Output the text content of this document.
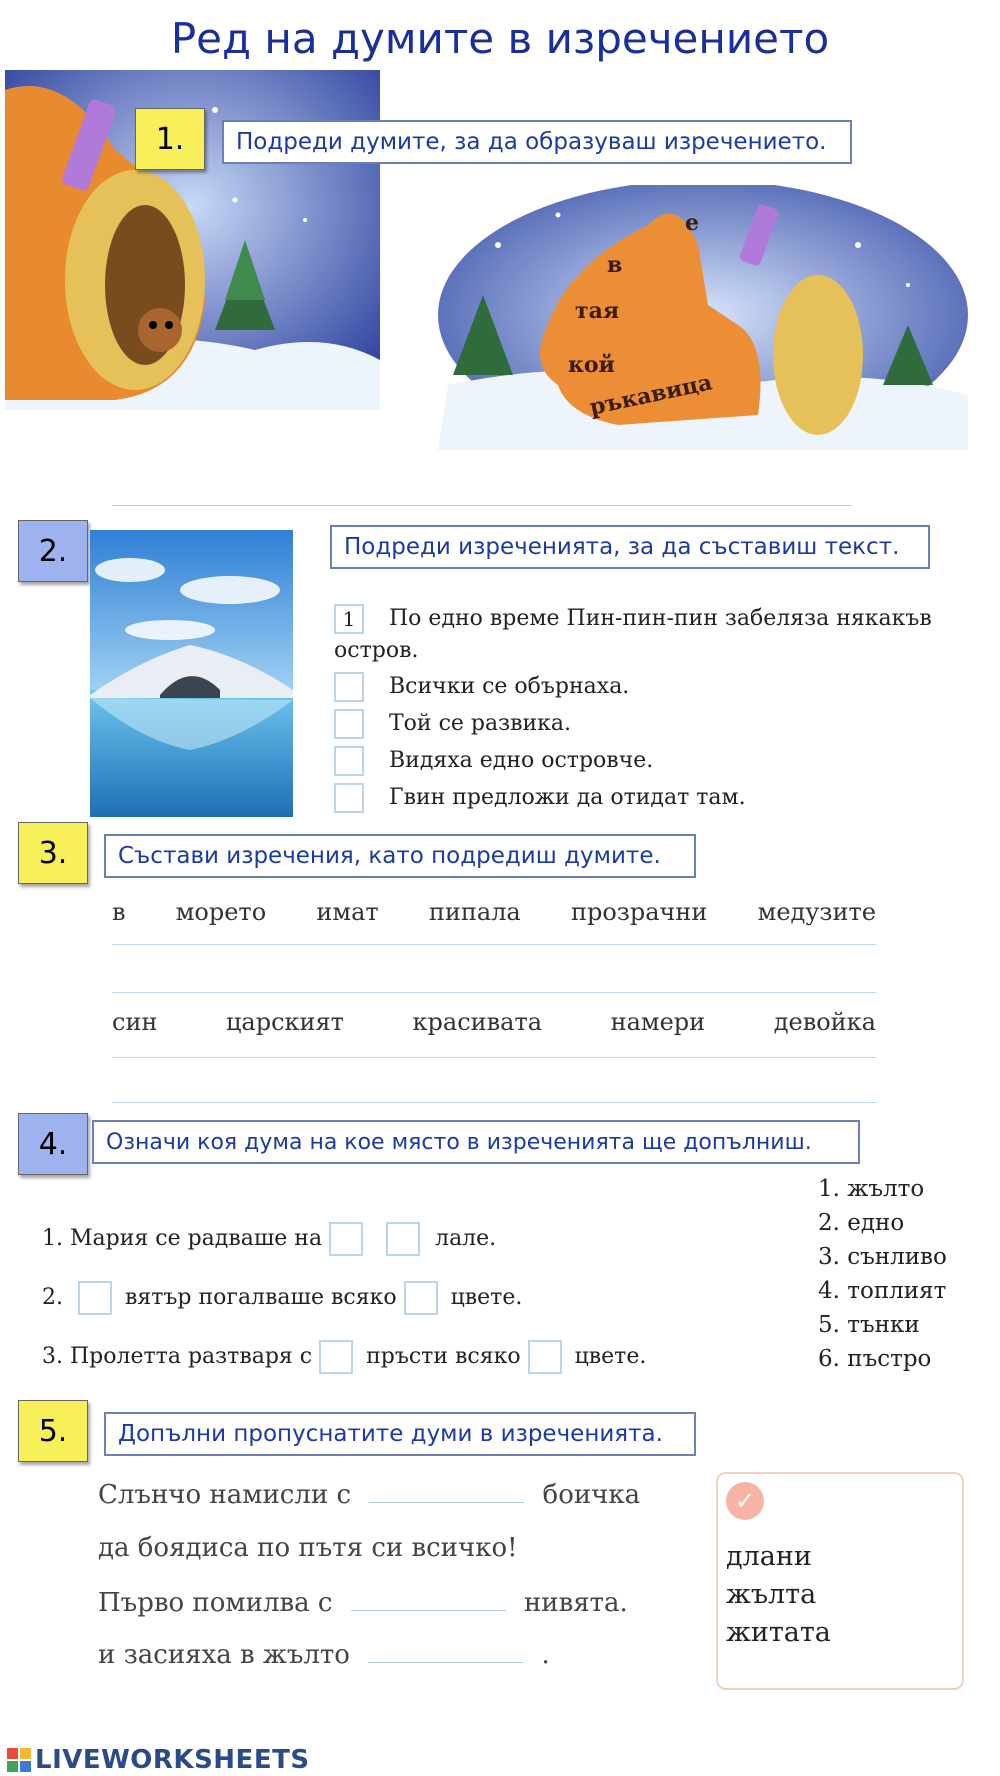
Ред на думите в изречението
1.	Подреди думите, за да образуваш изречението.
е
в
тая
кой
ръкавица
2.	Подреди изреченията, за да съставиш текст.
1 По едно време Пин-пин-пин забеляза някакъв
остров.
Всички се обърнаха.
Той се развика.
Видяха едно островче.
Гвин предложи да отидат там.
3.	Състави изречения, като подредиш думите.
в морето имат пипала прозрачни медузите
син	царският	красивата	намери	девойка
4.	Означи коя дума на кое място в изреченията ще допълниш.
1. Мария се радваше на	лале.
2.	вятър погалваше всяко цвете.
3. Пролетта разтваря с пръсти всяко цвете.
1. жълто
2. едно
3. сънливо
4. топлият
5. тънки
6. пъстро
5.	Допълни пропуснатите думи в изреченията.
Слънчо намисли с	боичка
да боядиса по пътя си всичко!
Първо помилва с	нивята.
и засияха в жълто	.
✓
длани
жълта
житата
LIVEWORKSHEETS
